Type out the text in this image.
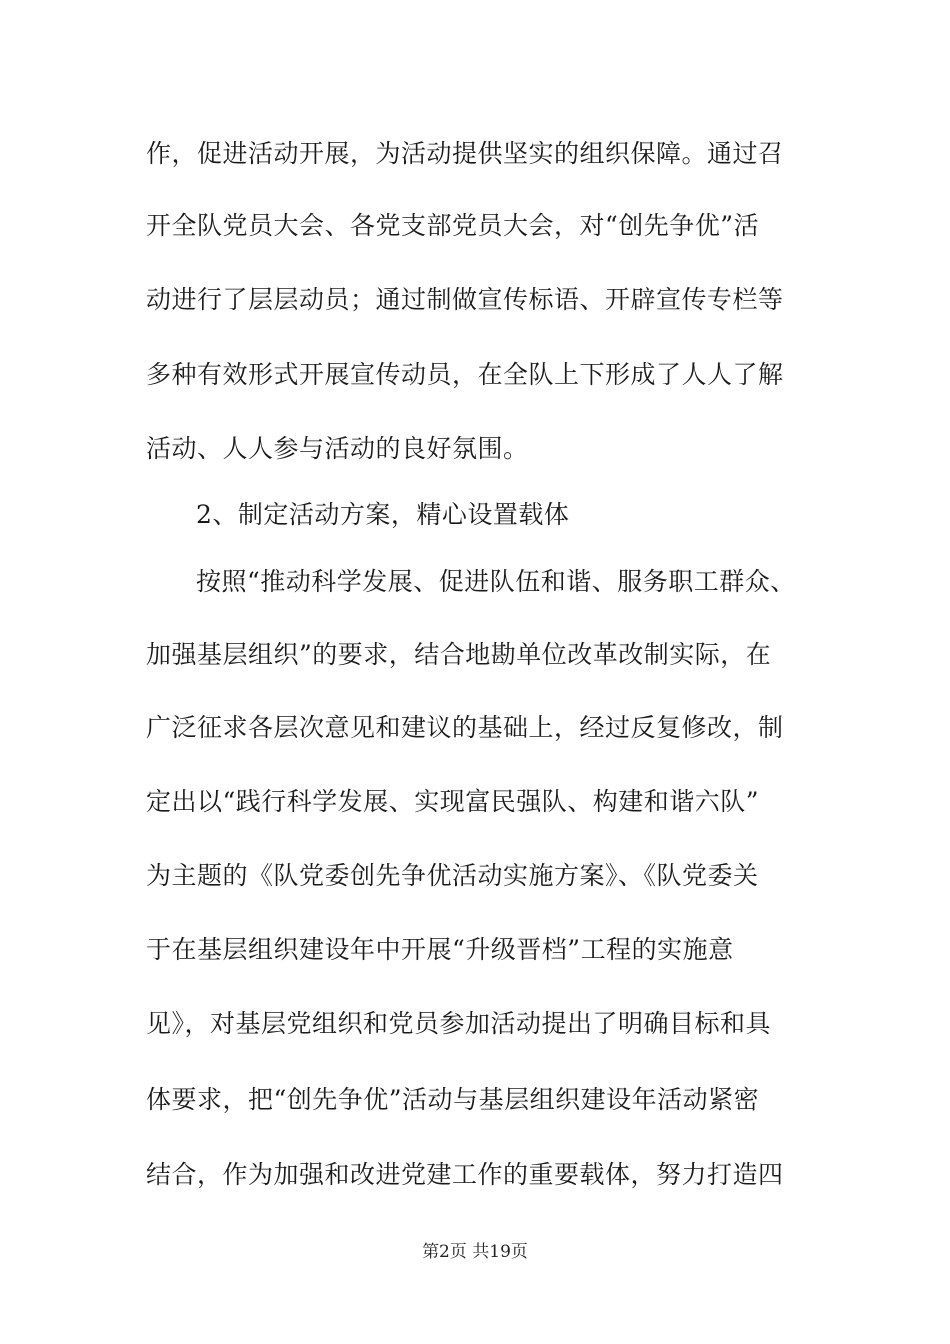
作，促进活动开展，为活动提供坚实的组织保障。通过召
开全队党员大会、各党支部党员大会，对“创先争优”活
动进行了层层动员；通过制做宣传标语、开辟宣传专栏等
多种有效形式开展宣传动员，在全队上下形成了人人了解
活动、人人参与活动的良好氛围。
2、制定活动方案，精心设置载体
按照“推动科学发展、促进队伍和谐、服务职工群众、
加强基层组织”的要求，结合地勘单位改革改制实际，在
广泛征求各层次意见和建议的基础上，经过反复修改，制
定出以“践行科学发展、实现富民强队、构建和谐六队”
为主题的《队党委创先争优活动实施方案》、《队党委关
于在基层组织建设年中开展“升级晋档”工程的实施意
见》，对基层党组织和党员参加活动提出了明确目标和具
体要求，把“创先争优”活动与基层组织建设年活动紧密
结合，作为加强和改进党建工作的重要载体，努力打造四
第2页 共19页
